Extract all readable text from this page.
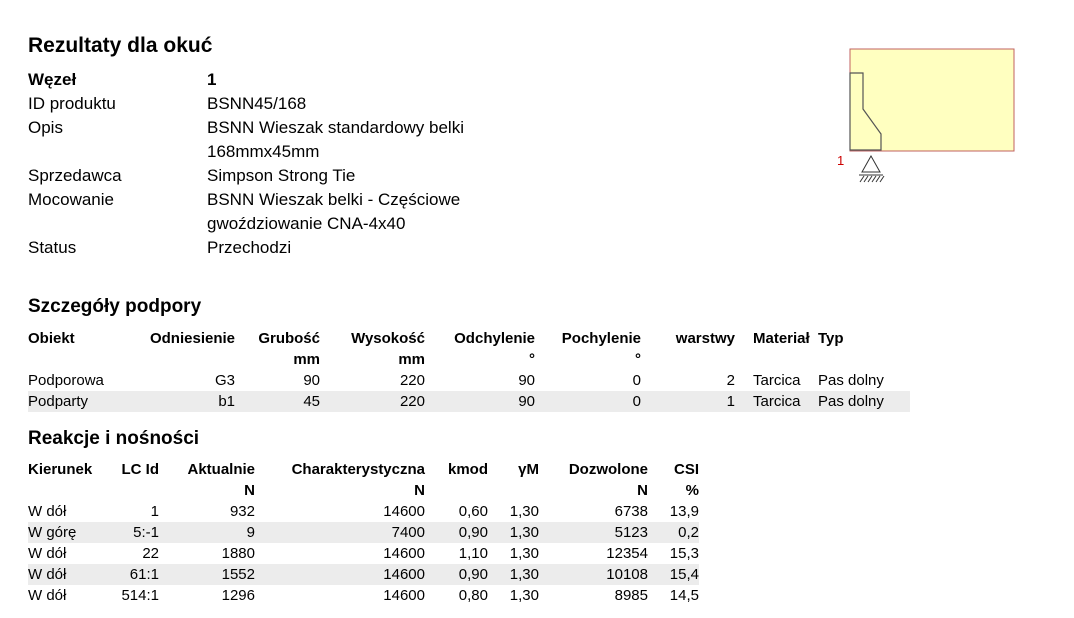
Rezultaty dla okuć
Węzeł	1
ID produktu	BSNN45/168
Opis	BSNN Wieszak standardowy belki 168mmx45mm
Sprzedawca	Simpson Strong Tie
Mocowanie	BSNN Wieszak belki - Częściowe gwoździowanie CNA-4x40
Status	Przechodzi
1
Szczegóły podpory
Obiekt	Odniesienie	Grubość	Wysokość	Odchylenie	Pochylenie	warstwy	Materiał	Typ
		mm	mm	°	°			
Podporowa	G3	90	220	90	0	2	Tarcica	Pas dolny
Podparty	b1	45	220	90	0	1	Tarcica	Pas dolny
Reakcje i nośności
Kierunek	LC Id	Aktualnie	Charakterystyczna	kmod	γM	Dozwolone	CSI
		N	N			N	%
W dół	1	932	14600	0,60	1,30	6738	13,9
W górę	5:-1	9	7400	0,90	1,30	5123	0,2
W dół	22	1880	14600	1,10	1,30	12354	15,3
W dół	61:1	1552	14600	0,90	1,30	10108	15,4
W dół	514:1	1296	14600	0,80	1,30	8985	14,5
